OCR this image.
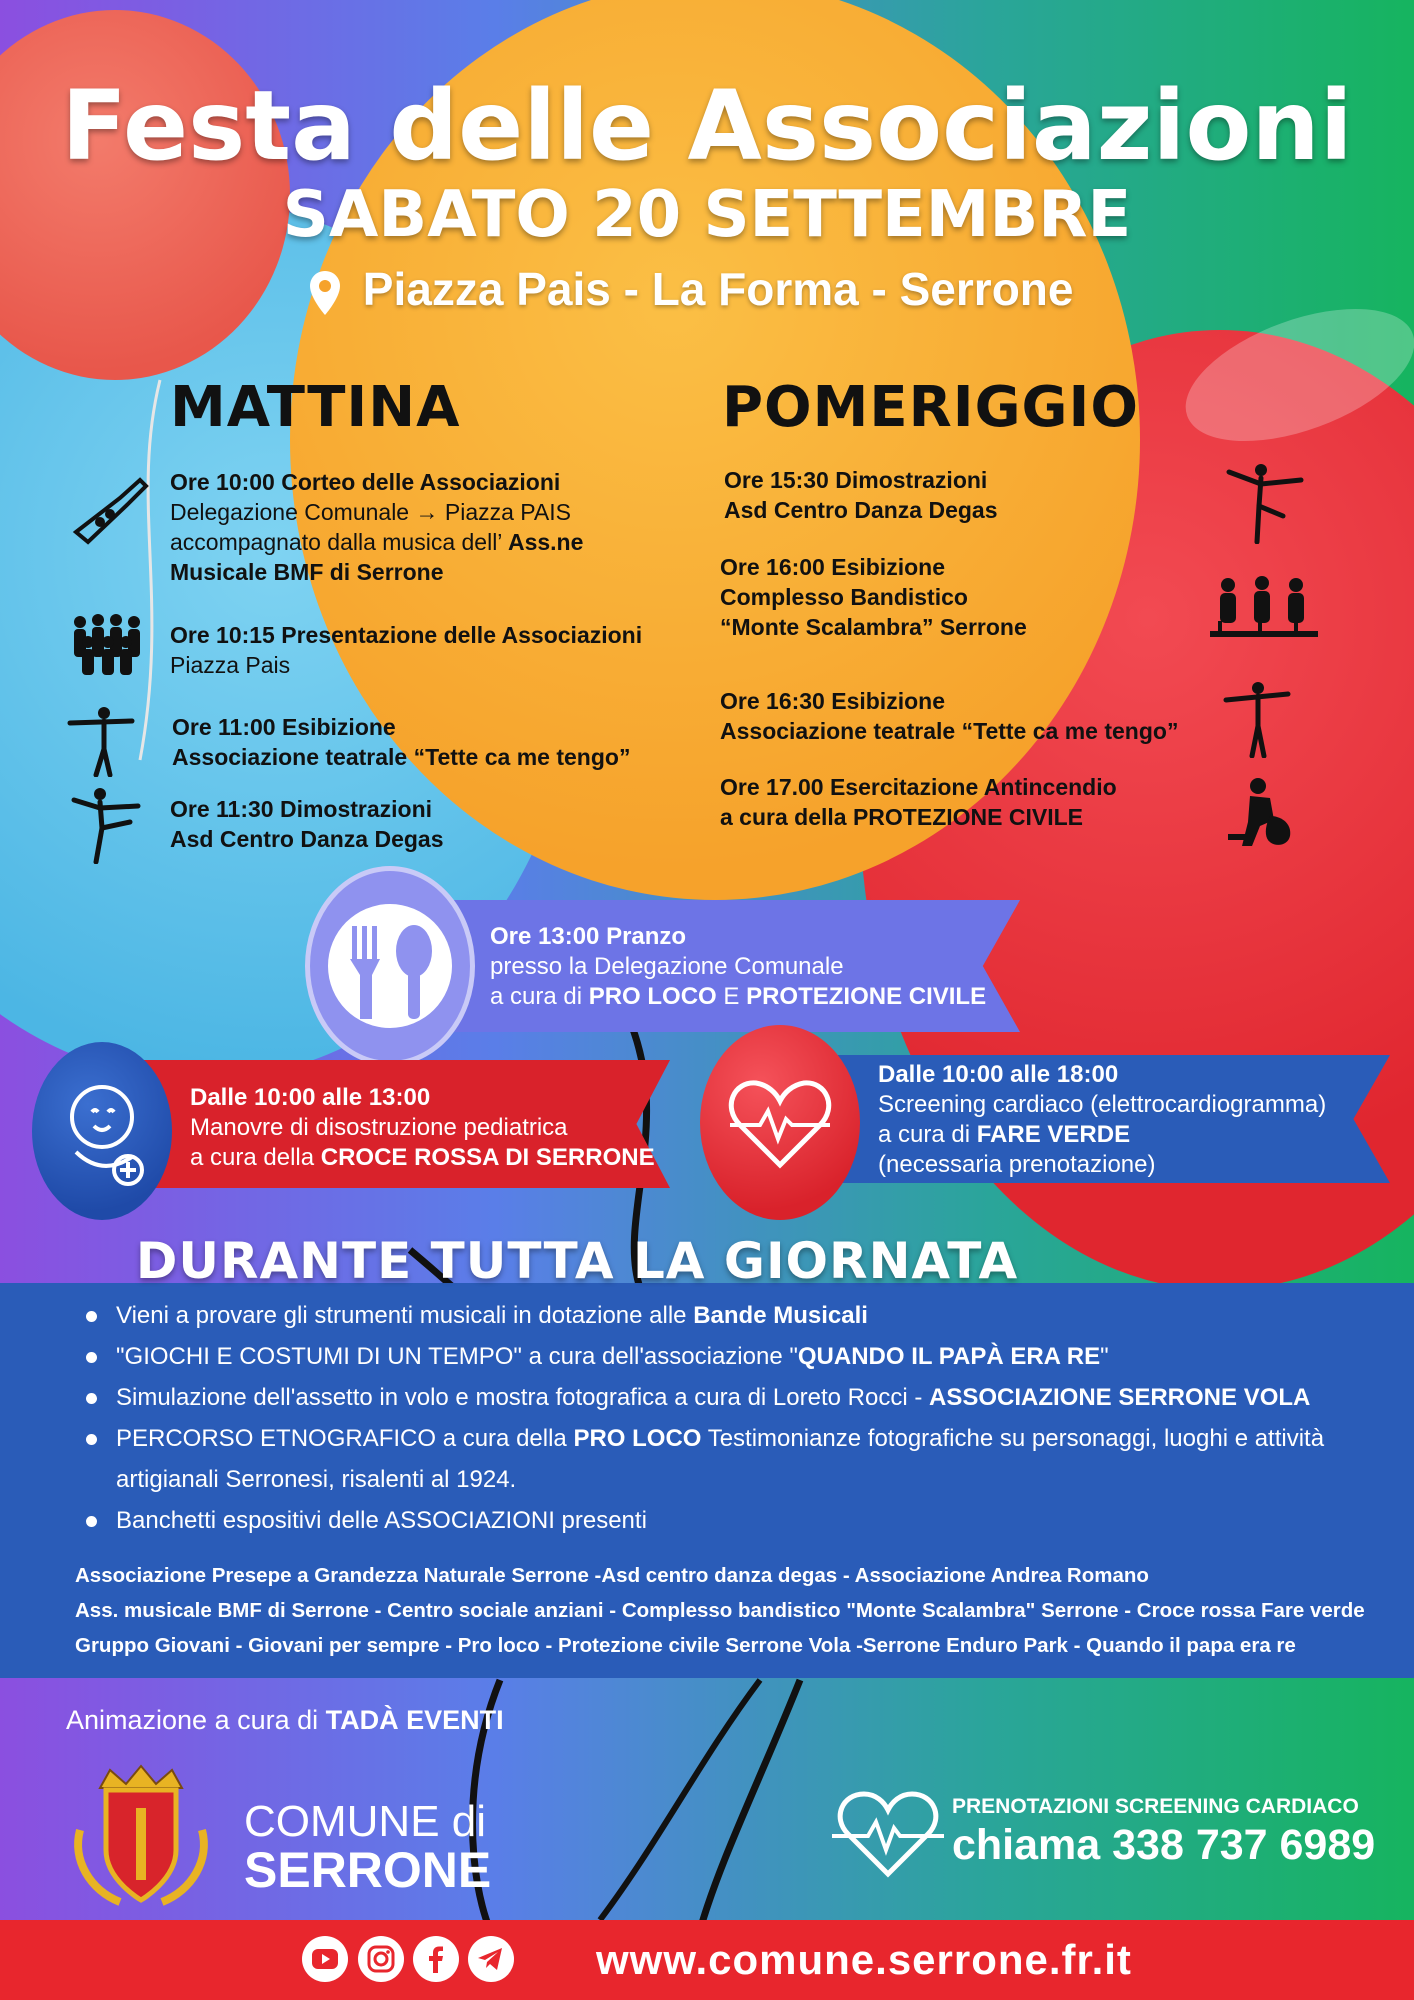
Festa delle Associazioni
SABATO 20 SETTEMBRE
Piazza Pais - La Forma - Serrone
MATTINA
Ore 10:00 Corteo delle Associazioni
Delegazione Comunale → Piazza PAIS
accompagnato dalla musica dell’ Ass.ne
Musicale BMF di Serrone
Ore 10:15 Presentazione delle Associazioni
Piazza Pais
Ore 11:00 Esibizione
Associazione teatrale “Tette ca me tengo”
Ore 11:30 Dimostrazioni
Asd Centro Danza Degas
POMERIGGIO
Ore 15:30 Dimostrazioni
Asd Centro Danza Degas
Ore 16:00 Esibizione
Complesso Bandistico
“Monte Scalambra” Serrone
Ore 16:30 Esibizione
Associazione teatrale “Tette ca me tengo”
Ore 17.00 Esercitazione Antincendio
a cura della PROTEZIONE CIVILE
Ore 13:00 Pranzo
presso la Delegazione Comunale
a cura di PRO LOCO E PROTEZIONE CIVILE
Dalle 10:00 alle 13:00
Manovre di disostruzione pediatrica
a cura della CROCE ROSSA DI SERRONE
Dalle 10:00 alle 18:00
Screening cardiaco (elettrocardiogramma)
a cura di FARE VERDE
(necessaria prenotazione)
DURANTE TUTTA LA GIORNATA
Vieni a provare gli strumenti musicali in dotazione alle Bande Musicali
"GIOCHI E COSTUMI DI UN TEMPO" a cura dell'associazione "QUANDO IL PAPÀ ERA RE"
Simulazione dell'assetto in volo e mostra fotografica a cura di Loreto Rocci - ASSOCIAZIONE SERRONE VOLA
PERCORSO ETNOGRAFICO a cura della PRO LOCO Testimonianze fotografiche su personaggi, luoghi e attività artigianali Serronesi, risalenti al 1924.
Banchetti espositivi delle ASSOCIAZIONI presenti
Associazione Presepe a Grandezza Naturale Serrone -Asd centro danza degas - Associazione Andrea Romano
Ass. musicale BMF di Serrone - Centro sociale anziani - Complesso bandistico "Monte Scalambra" Serrone - Croce rossa Fare verde
Gruppo Giovani - Giovani per sempre - Pro loco - Protezione civile Serrone Vola -Serrone Enduro Park - Quando il papa era re
Animazione a cura di TADÀ EVENTI
COMUNE di
SERRONE
PRENOTAZIONI SCREENING CARDIACO
chiama 338 737 6989
www.comune.serrone.fr.it
